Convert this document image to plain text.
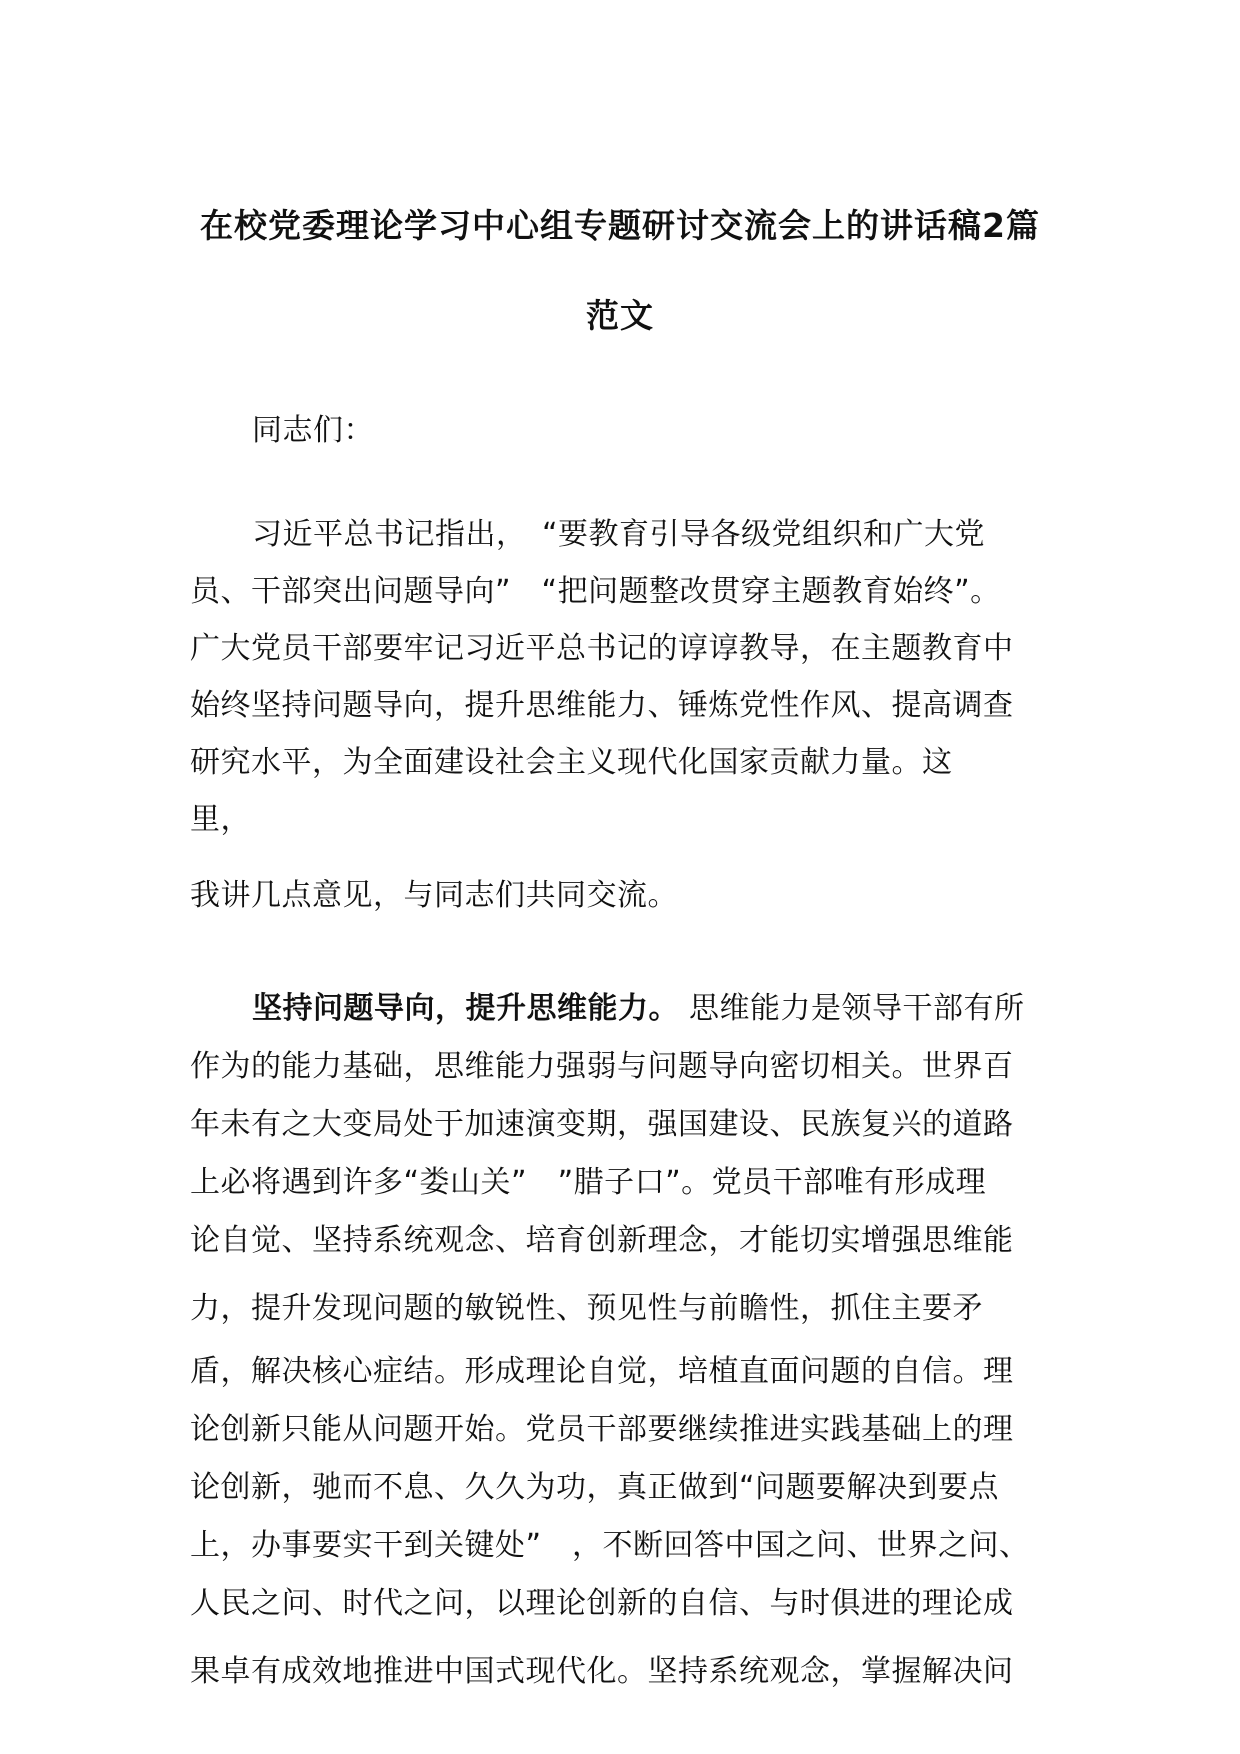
在校党委理论学习中心组专题研讨交流会上的讲话稿2篇
范文
同志们：
习近平总书记指出，　“要教育引导各级党组织和广大党
员、干部突出问题导向”　“把问题整改贯穿主题教育始终”。
广大党员干部要牢记习近平总书记的谆谆教导，在主题教育中
始终坚持问题导向，提升思维能力、锤炼党性作风、提高调查
研究水平，为全面建设社会主义现代化国家贡献力量。这
里，
我讲几点意见，与同志们共同交流。
坚持问题导向，提升思维能力。 思维能力是领导干部有所
作为的能力基础，思维能力强弱与问题导向密切相关。世界百
年未有之大变局处于加速演变期，强国建设、民族复兴的道路
上必将遇到许多“娄山关”　”腊子口”。党员干部唯有形成理
论自觉、坚持系统观念、培育创新理念，才能切实增强思维能
力，提升发现问题的敏锐性、预见性与前瞻性，抓住主要矛
盾，解决核心症结。形成理论自觉，培植直面问题的自信。理
论创新只能从问题开始。党员干部要继续推进实践基础上的理
论创新，驰而不息、久久为功，真正做到“问题要解决到要点
上，办事要实干到关键处”　，不断回答中国之问、世界之问、
人民之问、时代之问，以理论创新的自信、与时俱进的理论成
果卓有成效地推进中国式现代化。坚持系统观念，掌握解决问
